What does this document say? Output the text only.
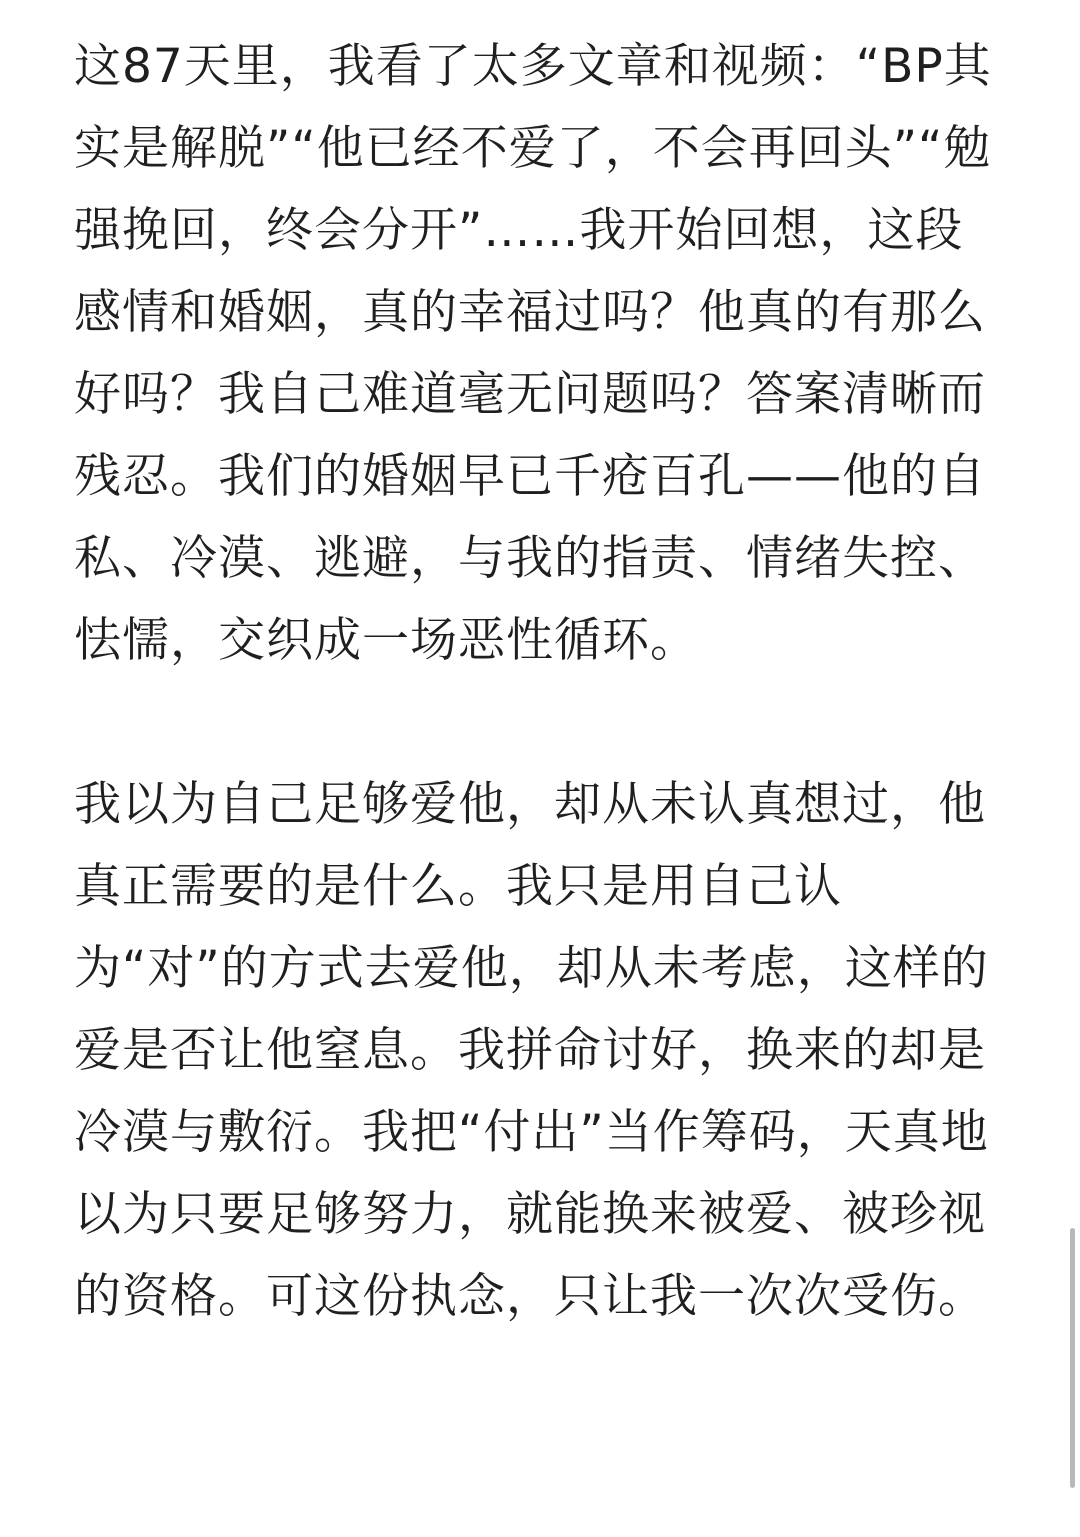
这87天里，我看了太多文章和视频：“BP其实是解脱”“他已经不爱了，不会再回头”“勉强挽回，终会分开”……我开始回想，这段感情和婚姻，真的幸福过吗？他真的有那么好吗？我自己难道毫无问题吗？答案清晰而残忍。我们的婚姻早已千疮百孔——他的自私、冷漠、逃避，与我的指责、情绪失控、怯懦，交织成一场恶性循环。

我以为自己足够爱他，却从未认真想过，他真正需要的是什么。我只是用自己认为“对”的方式去爱他，却从未考虑，这样的爱是否让他窒息。我拼命讨好，换来的却是冷漠与敷衍。我把“付出”当作筹码，天真地以为只要足够努力，就能换来被爱、被珍视的资格。可这份执念，只让我一次次受伤。
